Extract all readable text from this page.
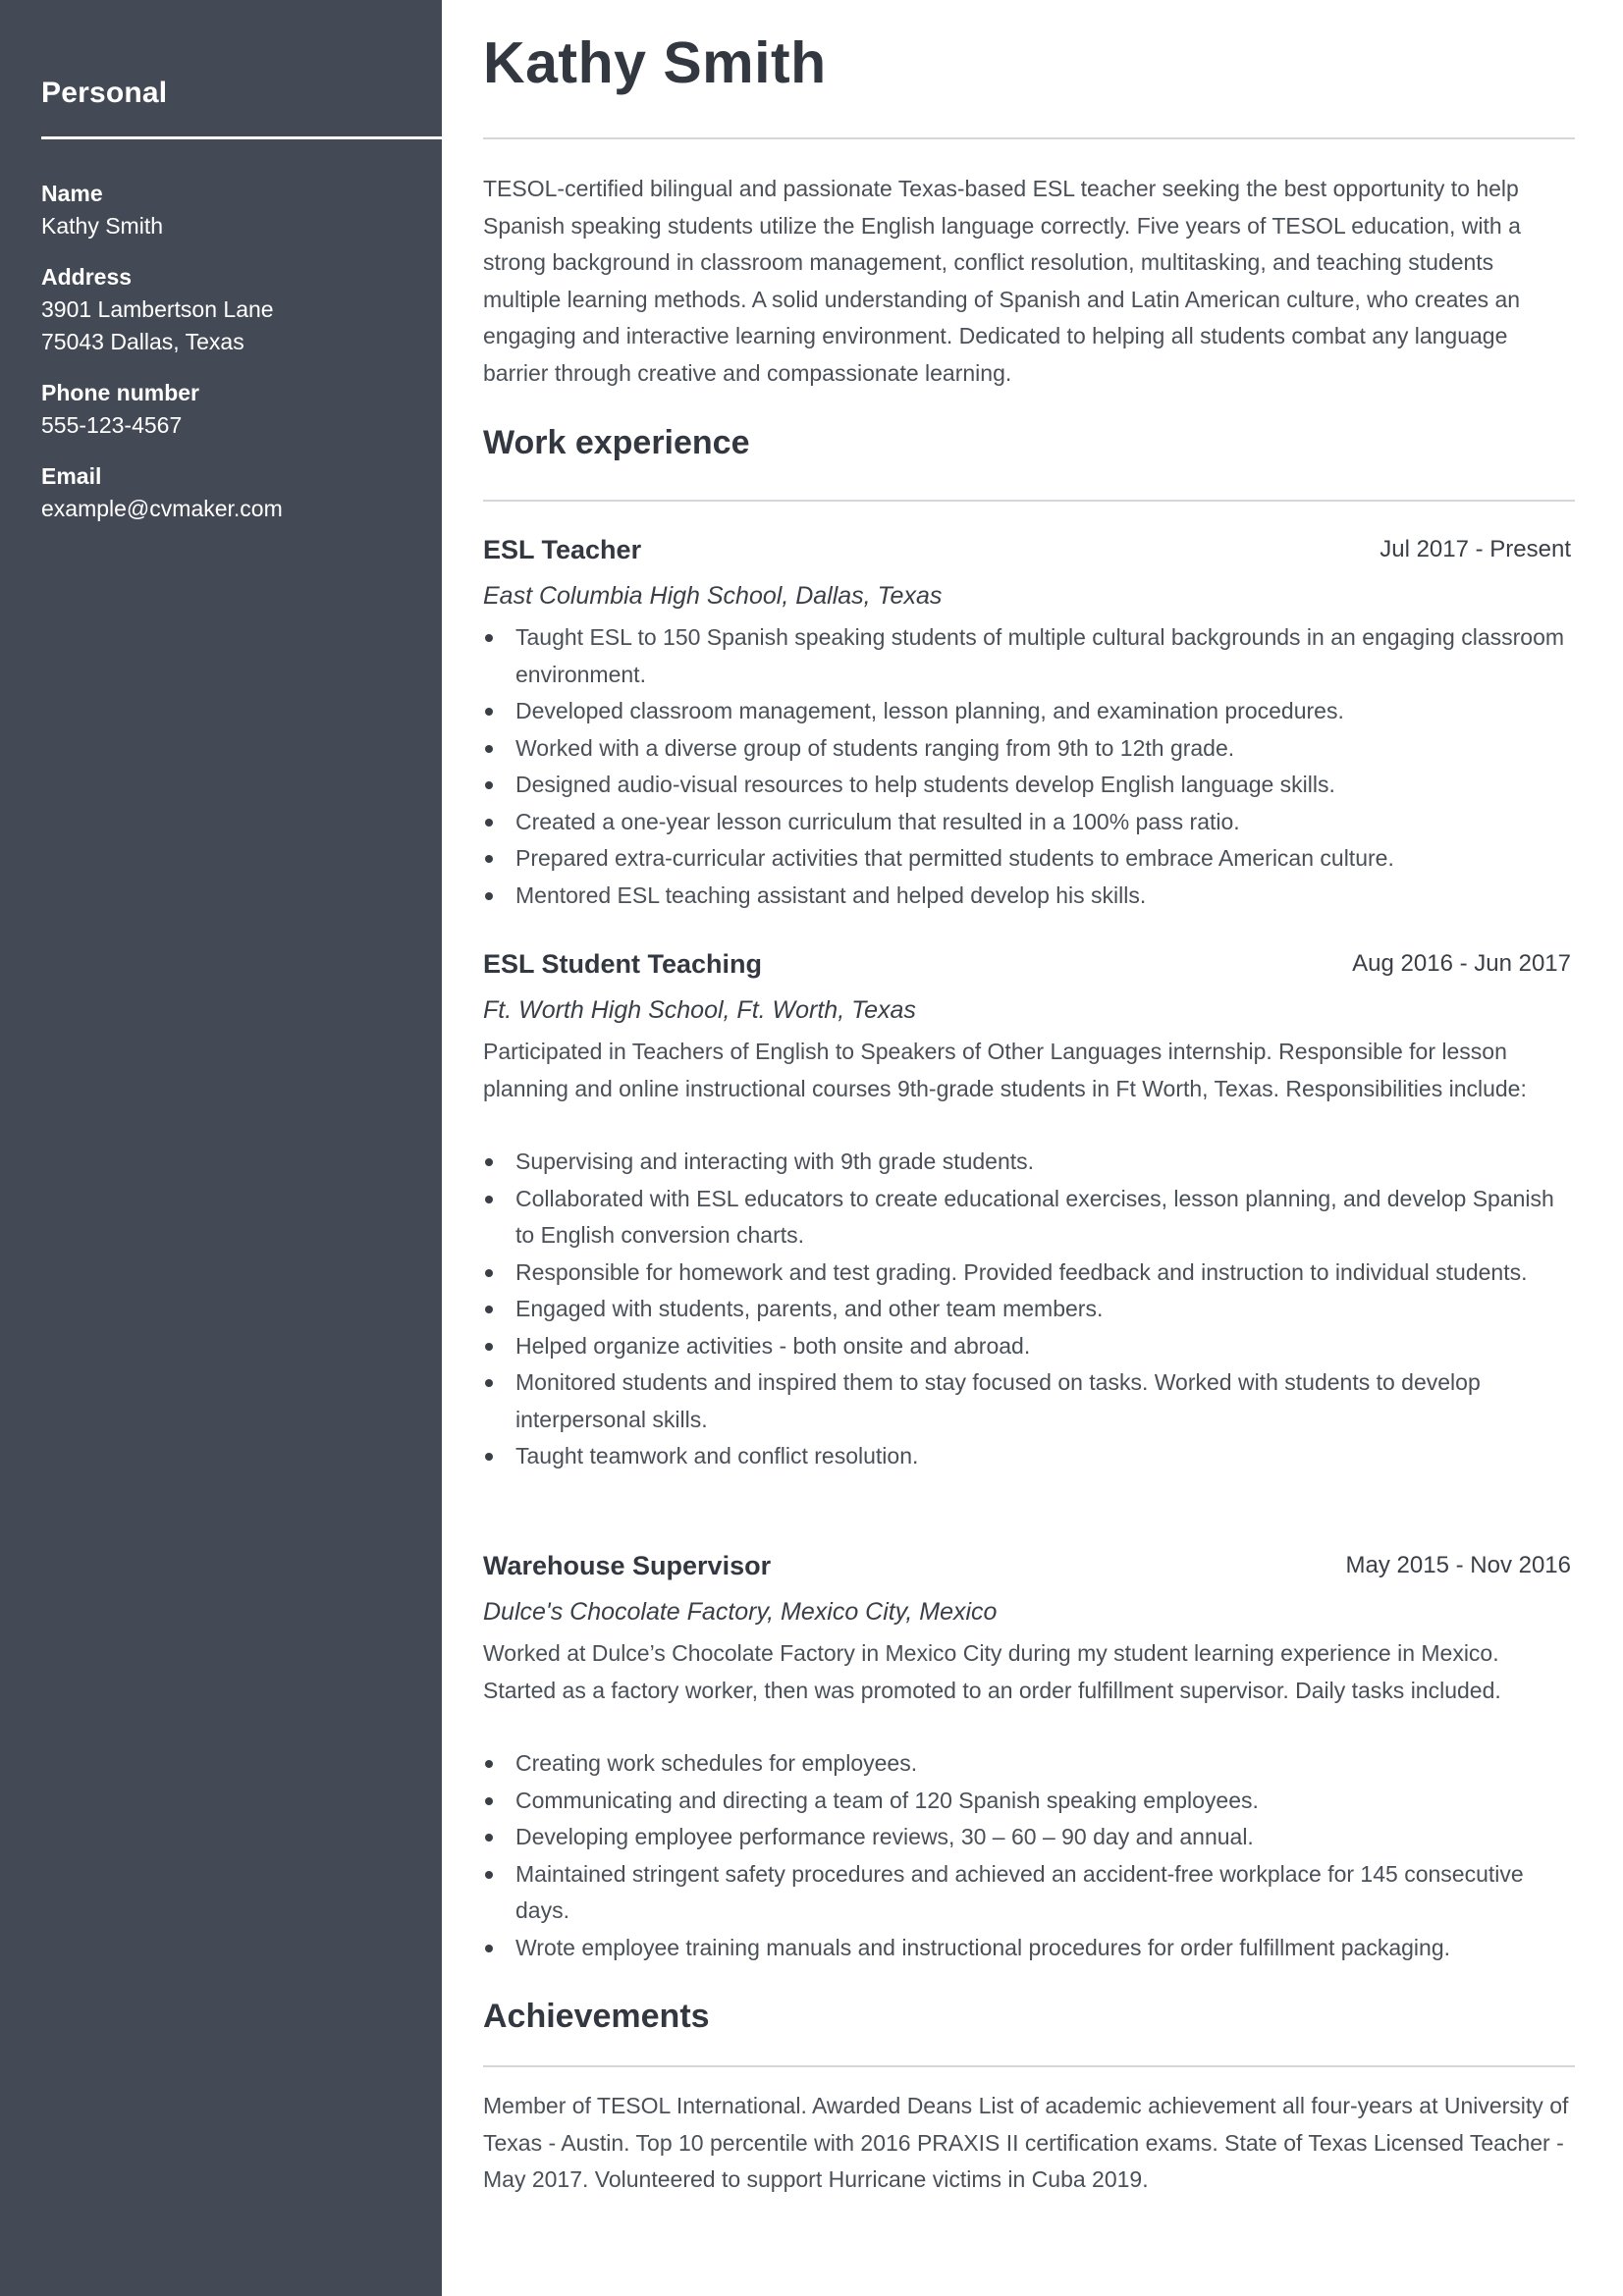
Personal
Name
Kathy Smith
Address
3901 Lambertson Lane
75043 Dallas, Texas
Phone number
555-123-4567
Email
example@cvmaker.com
Kathy Smith
TESOL-certified bilingual and passionate Texas-based ESL teacher seeking the best opportunity to help Spanish speaking students utilize the English language correctly. Five years of TESOL education, with a strong background in classroom management, conflict resolution, multitasking, and teaching students multiple learning methods. A solid understanding of Spanish and Latin American culture, who creates an engaging and interactive learning environment. Dedicated to helping all students combat any language barrier through creative and compassionate learning.
Work experience
ESL Teacher	Jul 2017 - Present
East Columbia High School, Dallas, Texas
Taught ESL to 150 Spanish speaking students of multiple cultural backgrounds in an engaging classroom environment.
Developed classroom management, lesson planning, and examination procedures.
Worked with a diverse group of students ranging from 9th to 12th grade.
Designed audio-visual resources to help students develop English language skills.
Created a one-year lesson curriculum that resulted in a 100% pass ratio.
Prepared extra-curricular activities that permitted students to embrace American culture.
Mentored ESL teaching assistant and helped develop his skills.
ESL Student Teaching	Aug 2016 - Jun 2017
Ft. Worth High School, Ft. Worth, Texas
Participated in Teachers of English to Speakers of Other Languages internship. Responsible for lesson planning and online instructional courses 9th-grade students in Ft Worth, Texas. Responsibilities include:
Supervising and interacting with 9th grade students.
Collaborated with ESL educators to create educational exercises, lesson planning, and develop Spanish to English conversion charts.
Responsible for homework and test grading. Provided feedback and instruction to individual students.
Engaged with students, parents, and other team members.
Helped organize activities - both onsite and abroad.
Monitored students and inspired them to stay focused on tasks. Worked with students to develop interpersonal skills.
Taught teamwork and conflict resolution.
Warehouse Supervisor	May 2015 - Nov 2016
Dulce's Chocolate Factory, Mexico City, Mexico
Worked at Dulce’s Chocolate Factory in Mexico City during my student learning experience in Mexico. Started as a factory worker, then was promoted to an order fulfillment supervisor. Daily tasks included.
Creating work schedules for employees.
Communicating and directing a team of 120 Spanish speaking employees.
Developing employee performance reviews, 30 – 60 – 90 day and annual.
Maintained stringent safety procedures and achieved an accident-free workplace for 145 consecutive days.
Wrote employee training manuals and instructional procedures for order fulfillment packaging.
Achievements
Member of TESOL International. Awarded Deans List of academic achievement all four-years at University of Texas - Austin. Top 10 percentile with 2016 PRAXIS II certification exams. State of Texas Licensed Teacher - May 2017. Volunteered to support Hurricane victims in Cuba 2019.
